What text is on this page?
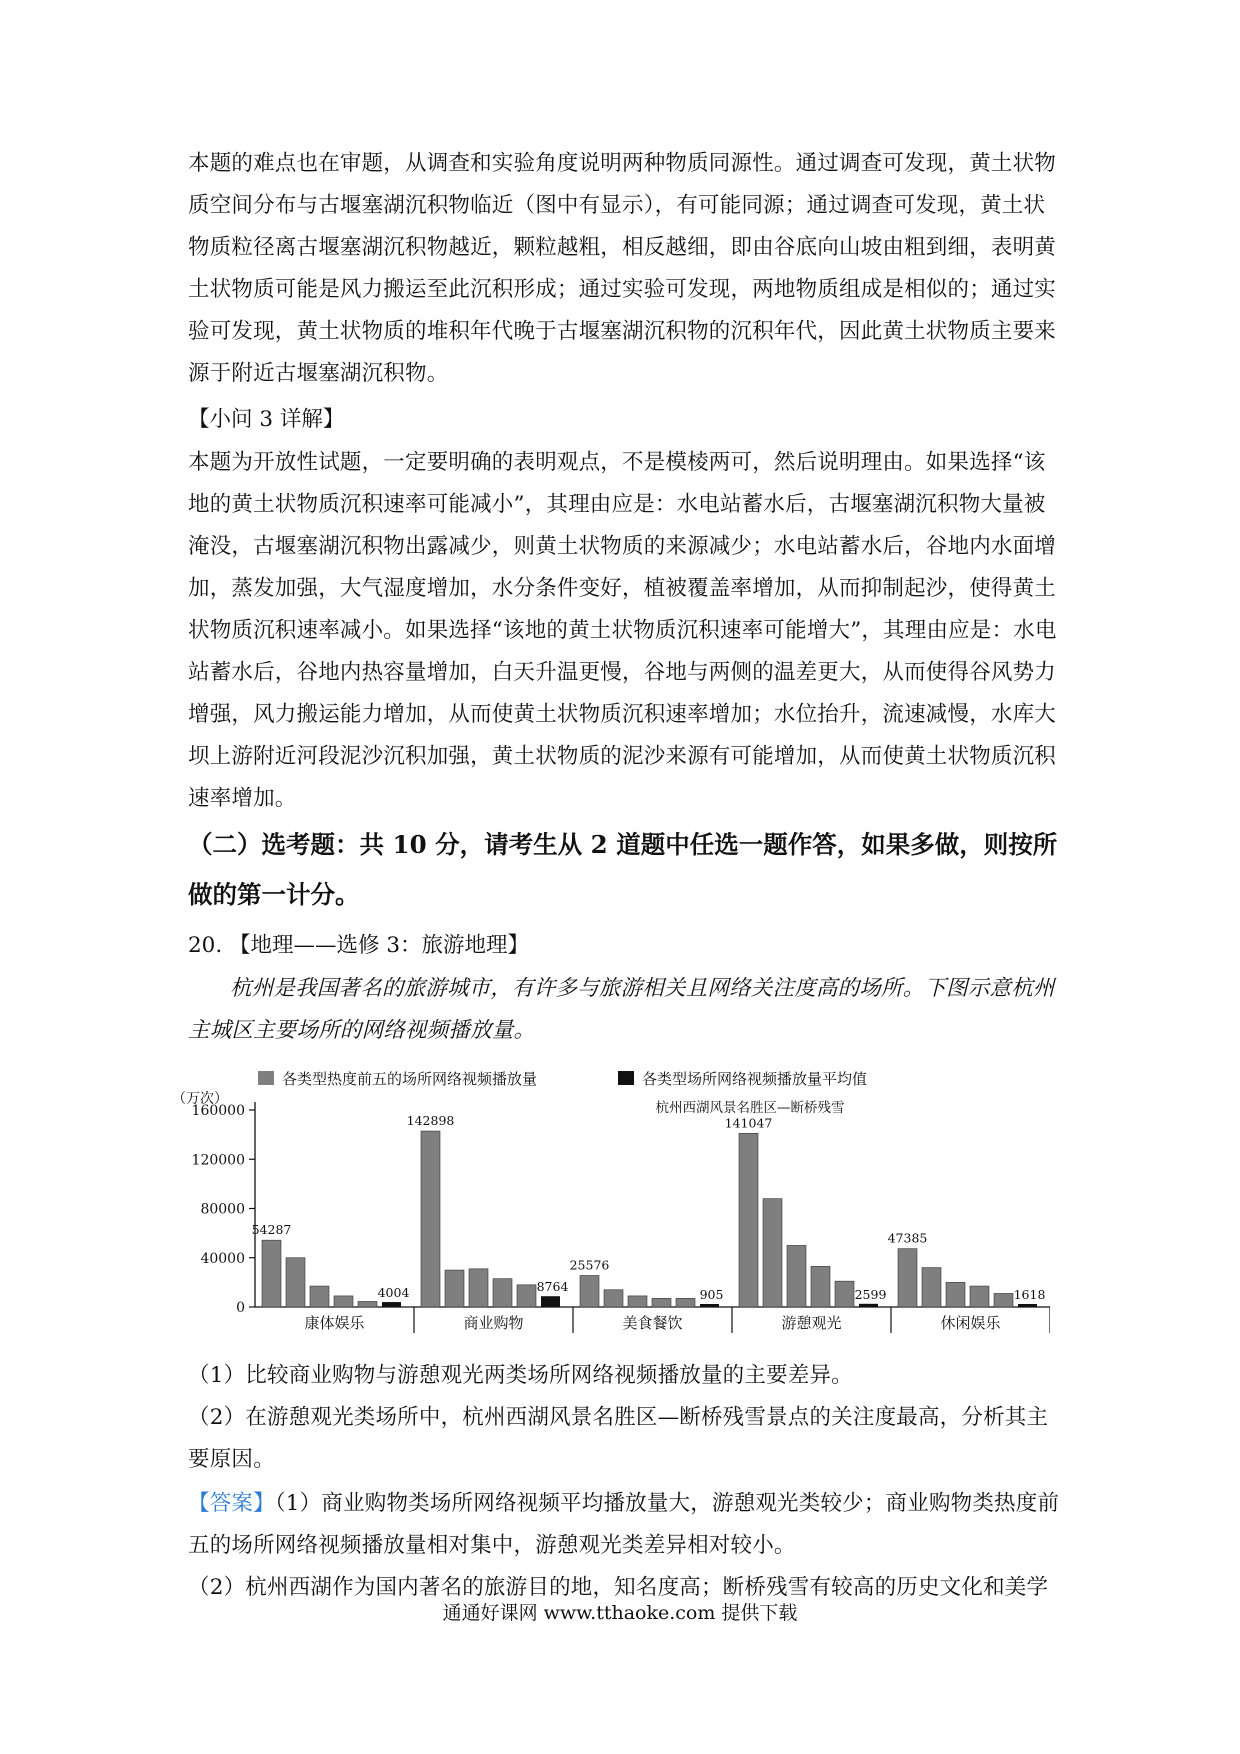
本题的难点也在审题，从调查和实验角度说明两种物质同源性。通过调查可发现，黄土状物
质空间分布与古堰塞湖沉积物临近（图中有显示），有可能同源；通过调查可发现，黄土状
物质粒径离古堰塞湖沉积物越近，颗粒越粗，相反越细，即由谷底向山坡由粗到细，表明黄
土状物质可能是风力搬运至此沉积形成；通过实验可发现，两地物质组成是相似的；通过实
验可发现，黄土状物质的堆积年代晚于古堰塞湖沉积物的沉积年代，因此黄土状物质主要来
源于附近古堰塞湖沉积物。
【小问 3 详解】
本题为开放性试题，一定要明确的表明观点，不是模棱两可，然后说明理由。如果选择“该
地的黄土状物质沉积速率可能减小”，其理由应是：水电站蓄水后，古堰塞湖沉积物大量被
淹没，古堰塞湖沉积物出露减少，则黄土状物质的来源减少；水电站蓄水后，谷地内水面增
加，蒸发加强，大气湿度增加，水分条件变好，植被覆盖率增加，从而抑制起沙，使得黄土
状物质沉积速率减小。如果选择“该地的黄土状物质沉积速率可能增大”，其理由应是：水电
站蓄水后，谷地内热容量增加，白天升温更慢，谷地与两侧的温差更大，从而使得谷风势力
增强，风力搬运能力增加，从而使黄土状物质沉积速率增加；水位抬升，流速减慢，水库大
坝上游附近河段泥沙沉积加强，黄土状物质的泥沙来源有可能增加，从而使黄土状物质沉积
速率增加。
（二）选考题：共 10 分，请考生从 2 道题中任选一题作答，如果多做，则按所
做的第一计分。
20. 【地理——选修 3：旅游地理】
杭州是我国著名的旅游城市，有许多与旅游相关且网络关注度高的场所。下图示意杭州
主城区主要场所的网络视频播放量。
各类型热度前五的场所网络视频播放量	各类型场所网络视频播放量平均值
（万次）
0
40000
80000
120000
160000
康体娱乐
54287
4004
商业购物
142898
8764
美食餐饮
25576
905
游憩观光
141047
2599
休闲娱乐
47385
1618
杭州西湖风景名胜区—断桥残雪
（1）比较商业购物与游憩观光两类场所网络视频播放量的主要差异。
（2）在游憩观光类场所中，杭州西湖风景名胜区—断桥残雪景点的关注度最高，分析其主
要原因。
【答案】（1）商业购物类场所网络视频平均播放量大，游憩观光类较少；商业购物类热度前
五的场所网络视频播放量相对集中，游憩观光类差异相对较小。
（2）杭州西湖作为国内著名的旅游目的地，知名度高；断桥残雪有较高的历史文化和美学
通通好课网 www.tthaoke.com 提供下载
